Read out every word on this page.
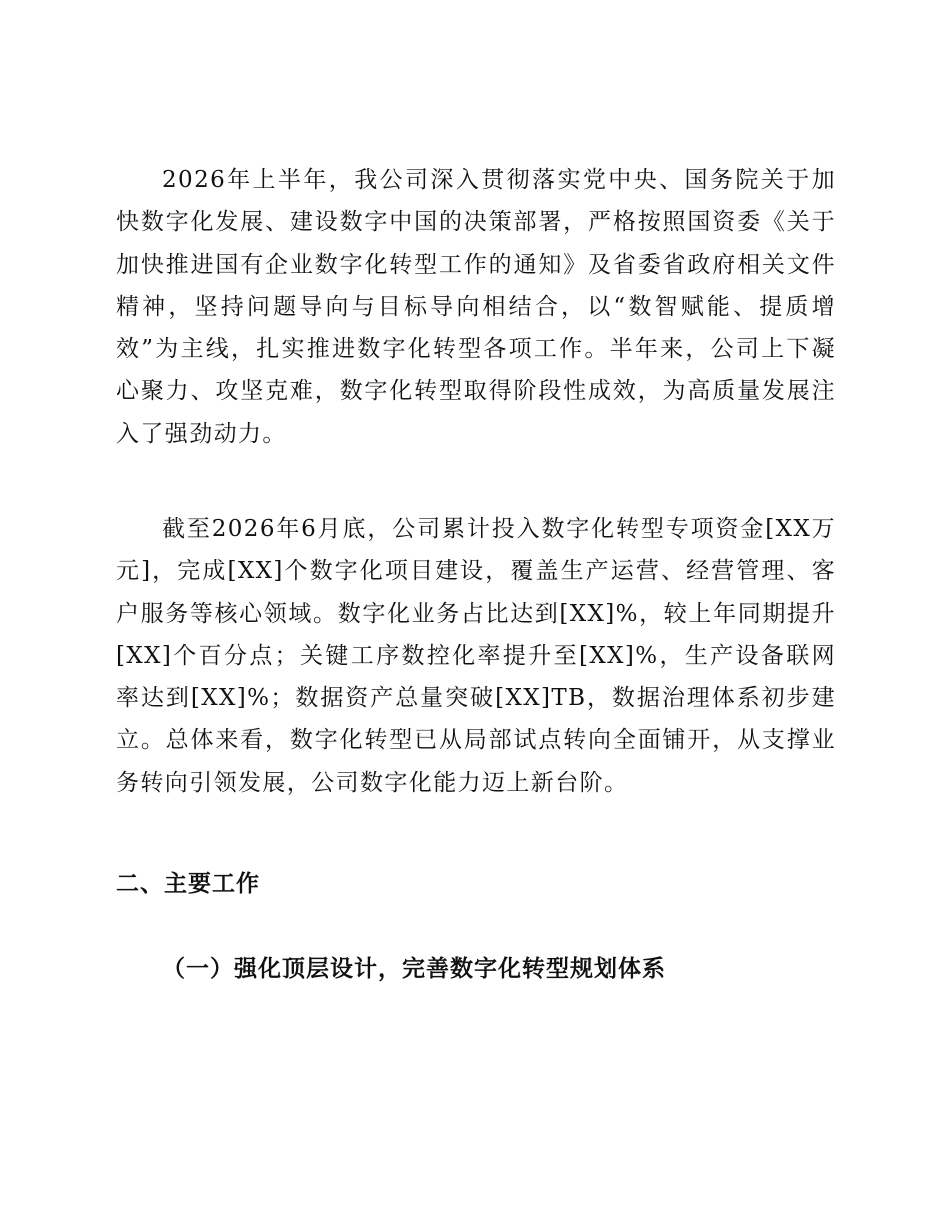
2026年上半年，我公司深入贯彻落实党中央、国务院关于加快数字化发展、建设数字中国的决策部署，严格按照国资委《关于加快推进国有企业数字化转型工作的通知》及省委省政府相关文件精神，坚持问题导向与目标导向相结合，以“数智赋能、提质增效”为主线，扎实推进数字化转型各项工作。半年来，公司上下凝心聚力、攻坚克难，数字化转型取得阶段性成效，为高质量发展注入了强劲动力。

截至2026年6月底，公司累计投入数字化转型专项资金[XX万元]，完成[XX]个数字化项目建设，覆盖生产运营、经营管理、客户服务等核心领域。数字化业务占比达到[XX]%，较上年同期提升[XX]个百分点；关键工序数控化率提升至[XX]%，生产设备联网率达到[XX]%；数据资产总量突破[XX]TB，数据治理体系初步建立。总体来看，数字化转型已从局部试点转向全面铺开，从支撑业务转向引领发展，公司数字化能力迈上新台阶。

二、主要工作
（一）强化顶层设计，完善数字化转型规划体系
